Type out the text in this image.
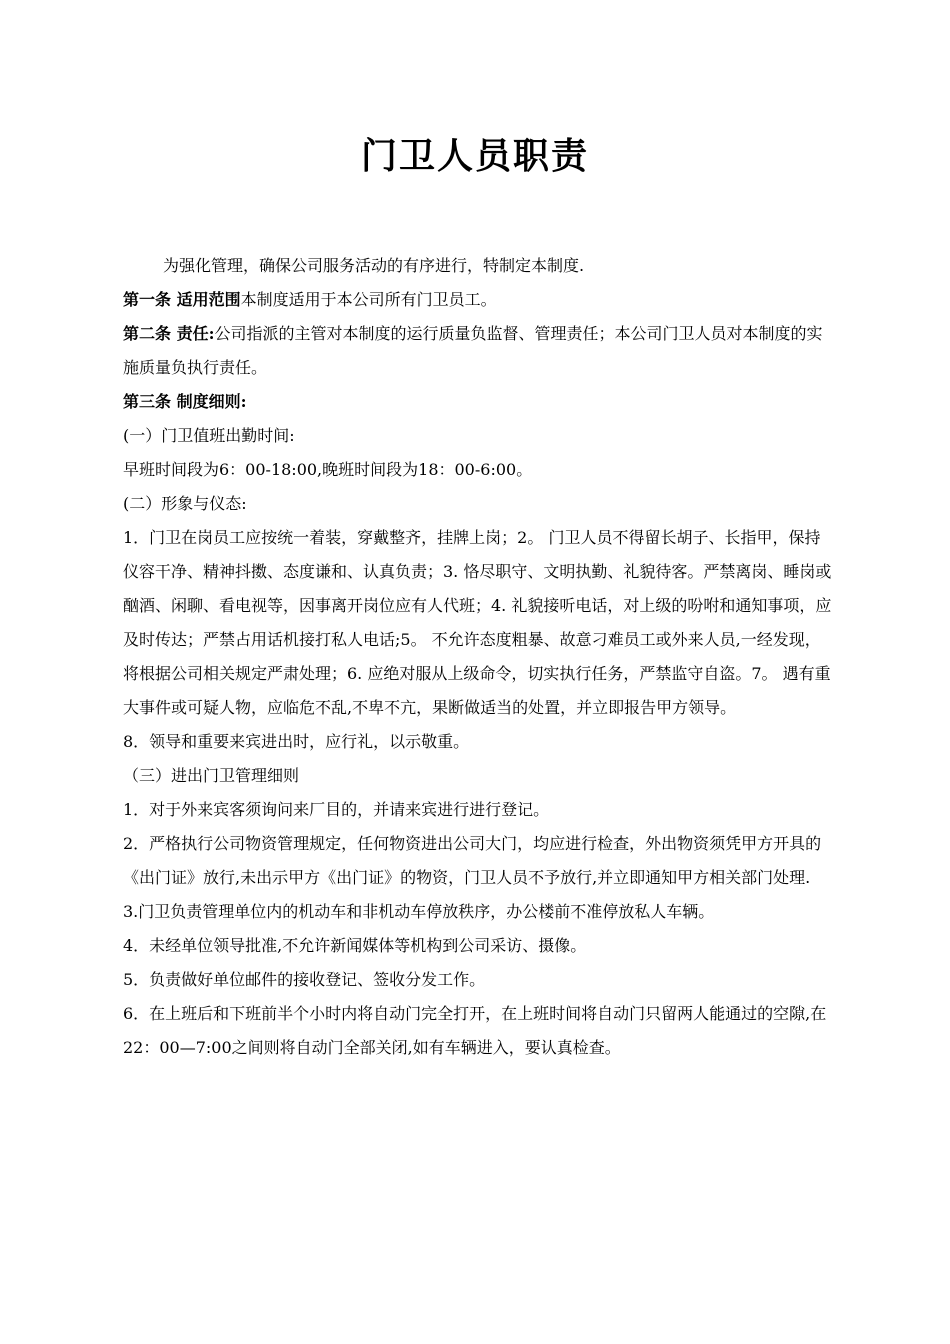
门卫人员职责

为强化管理，确保公司服务活动的有序进行，特制定本制度.

第一条 适用范围本制度适用于本公司所有门卫员工。

第二条 责任:公司指派的主管对本制度的运行质量负监督、管理责任；本公司门卫人员对本制度的实施质量负执行责任。

第三条 制度细则:

(一）门卫值班出勤时间:

早班时间段为6：00-18:00,晚班时间段为18：00-6:00。

(二）形象与仪态:

1．门卫在岗员工应按统一着装，穿戴整齐，挂牌上岗；2。 门卫人员不得留长胡子、长指甲，保持仪容干净、精神抖擞、态度谦和、认真负责；3. 恪尽职守、文明执勤、礼貌待客。严禁离岗、睡岗或酗酒、闲聊、看电视等，因事离开岗位应有人代班；4. 礼貌接听电话，对上级的吩咐和通知事项，应及时传达；严禁占用话机接打私人电话;5。 不允许态度粗暴、故意刁难员工或外来人员,一经发现，将根据公司相关规定严肃处理；6. 应绝对服从上级命令，切实执行任务，严禁监守自盗。7。 遇有重大事件或可疑人物，应临危不乱,不卑不亢，果断做适当的处置，并立即报告甲方领导。

8．领导和重要来宾进出时，应行礼，以示敬重。

（三）进出门卫管理细则

1．对于外来宾客须询问来厂目的，并请来宾进行进行登记。

2．严格执行公司物资管理规定，任何物资进出公司大门，均应进行检查，外出物资须凭甲方开具的《出门证》放行,未出示甲方《出门证》的物资，门卫人员不予放行,并立即通知甲方相关部门处理.

3.门卫负责管理单位内的机动车和非机动车停放秩序，办公楼前不准停放私人车辆。

4．未经单位领导批准,不允许新闻媒体等机构到公司采访、摄像。

5．负责做好单位邮件的接收登记、签收分发工作。

6．在上班后和下班前半个小时内将自动门完全打开，在上班时间将自动门只留两人能通过的空隙,在22：00—7:00之间则将自动门全部关闭,如有车辆进入，要认真检查。
